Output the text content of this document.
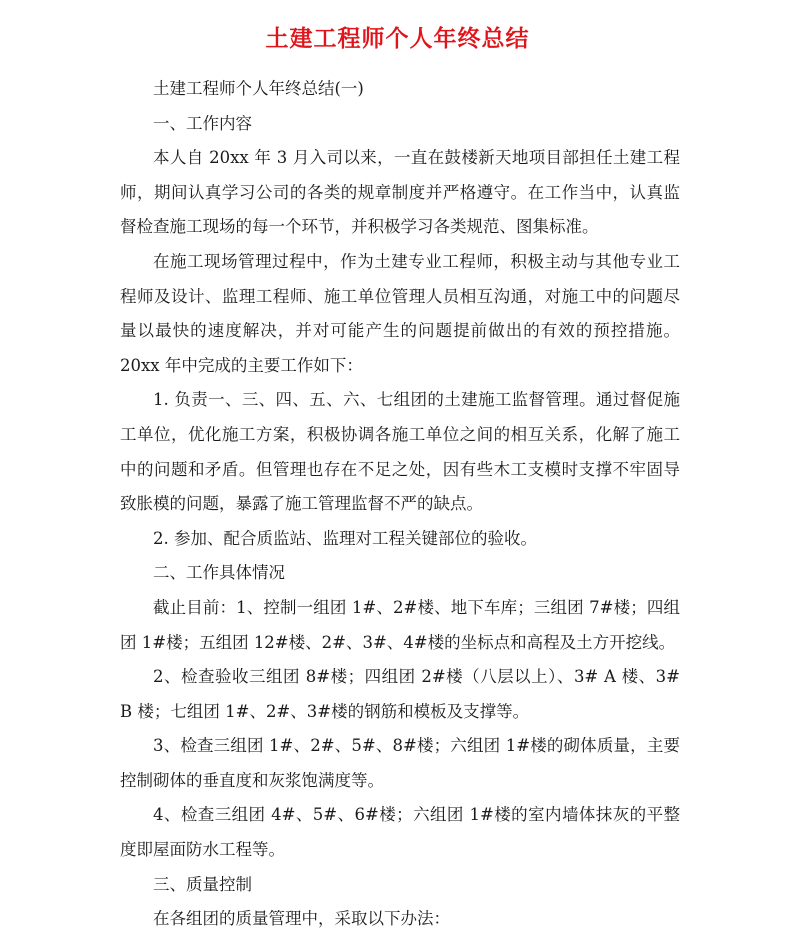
土建工程师个人年终总结

土建工程师个人年终总结(一)

一、工作内容

本人自 20xx 年 3 月入司以来，一直在鼓楼新天地项目部担任土建工程师，期间认真学习公司的各类的规章制度并严格遵守。在工作当中，认真监督检查施工现场的每一个环节，并积极学习各类规范、图集标准。

在施工现场管理过程中，作为土建专业工程师，积极主动与其他专业工程师及设计、监理工程师、施工单位管理人员相互沟通，对施工中的问题尽量以最快的速度解决，并对可能产生的问题提前做出的有效的预控措施。20xx 年中完成的主要工作如下：

1. 负责一、三、四、五、六、七组团的土建施工监督管理。通过督促施工单位，优化施工方案，积极协调各施工单位之间的相互关系，化解了施工中的问题和矛盾。但管理也存在不足之处，因有些木工支模时支撑不牢固导致胀模的问题，暴露了施工管理监督不严的缺点。

2. 参加、配合质监站、监理对工程关键部位的验收。

二、工作具体情况

截止目前：1、控制一组团 1#、2#楼、地下车库；三组团 7#楼；四组团 1#楼；五组团 12#楼、2#、3#、4#楼的坐标点和高程及土方开挖线。

2、检查验收三组团 8#楼；四组团 2#楼（八层以上）、3# A 楼、3# B 楼；七组团 1#、2#、3#楼的钢筋和模板及支撑等。

3、检查三组团 1#、2#、5#、8#楼；六组团 1#楼的砌体质量，主要控制砌体的垂直度和灰浆饱满度等。

4、检查三组团 4#、5#、6#楼；六组团 1#楼的室内墙体抹灰的平整度即屋面防水工程等。

三、质量控制

在各组团的质量管理中，采取以下办法：
